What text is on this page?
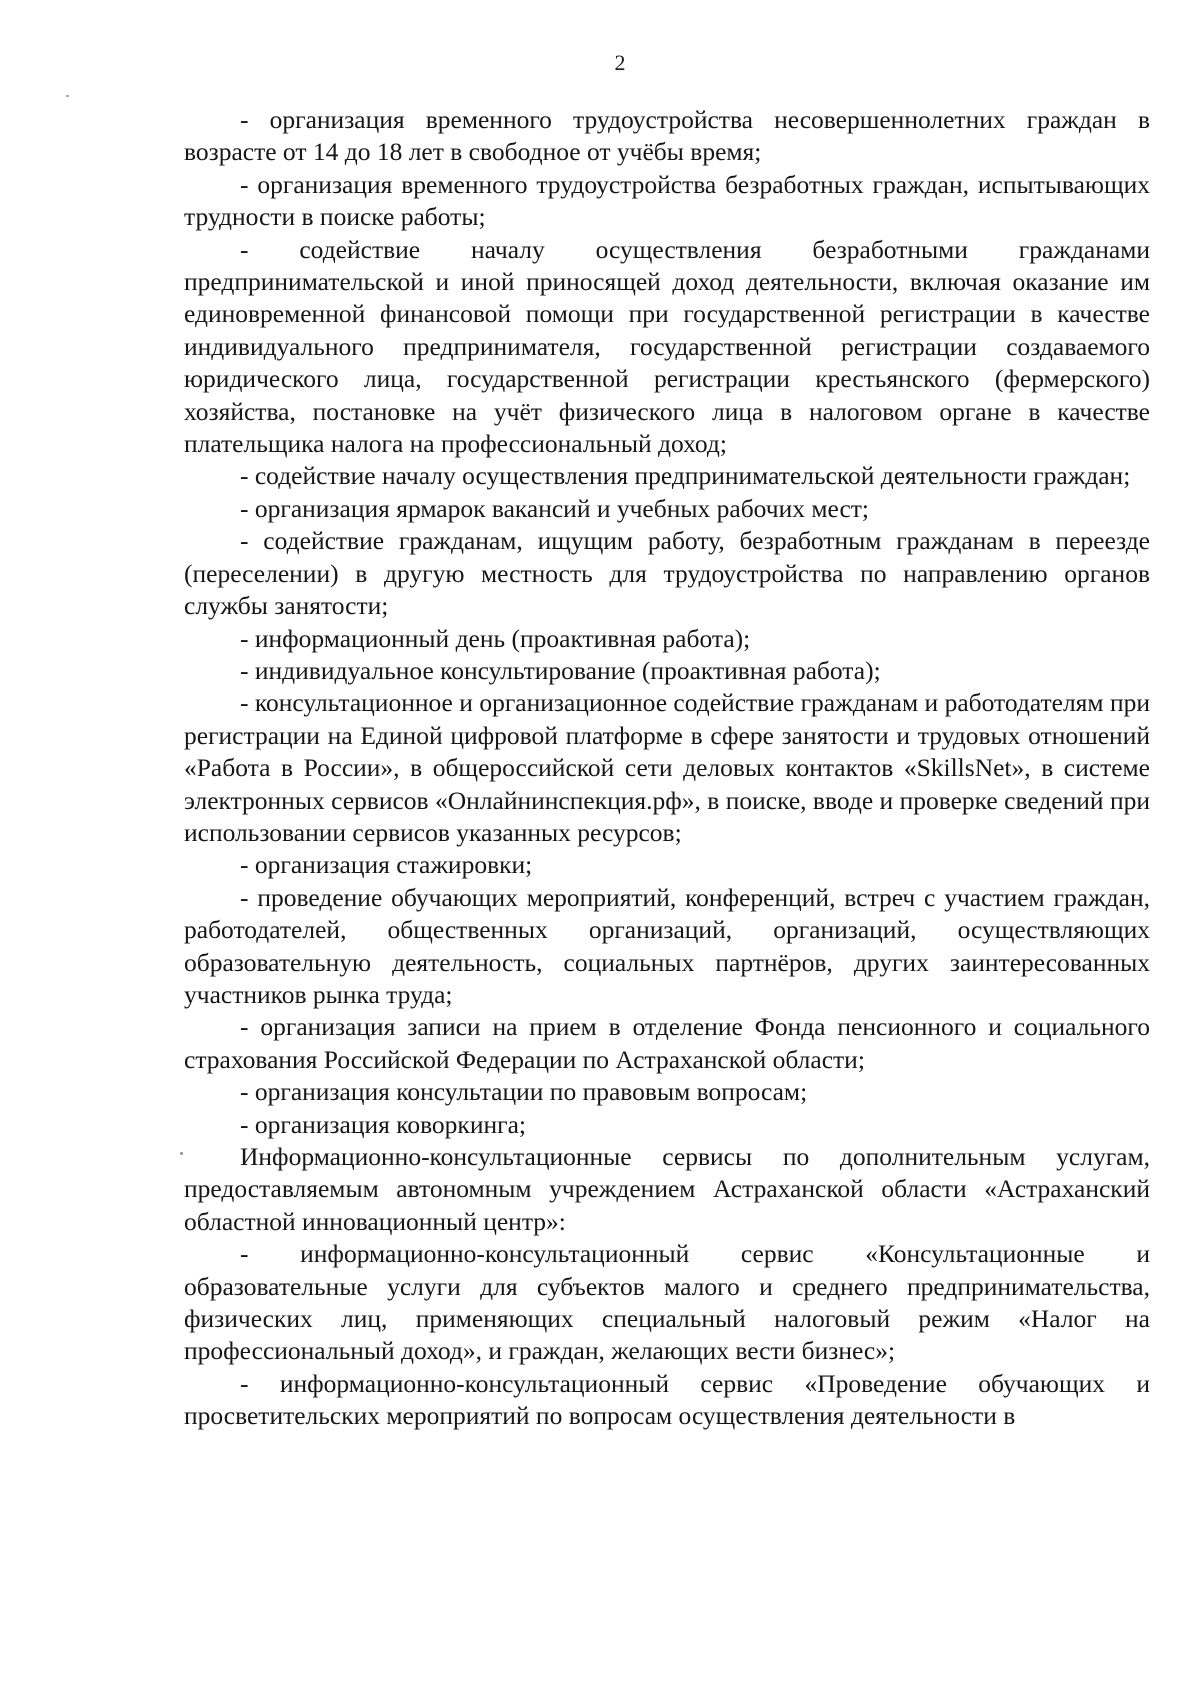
2

- организация временного трудоустройства несовершеннолетних граждан в возрасте от 14 до 18 лет в свободное от учёбы время;

- организация временного трудоустройства безработных граждан, испытывающих трудности в поиске работы;

- содействие началу осуществления безработными гражданами предпринимательской и иной приносящей доход деятельности, включая оказание им единовременной финансовой помощи при государственной регистрации в качестве индивидуального предпринимателя, государственной регистрации создаваемого юридического лица, государственной регистрации крестьянского (фермерского) хозяйства, постановке на учёт физического лица в налоговом органе в качестве плательщика налога на профессиональный доход;

- содействие началу осуществления предпринимательской деятельности граждан;

- организация ярмарок вакансий и учебных рабочих мест;

- содействие гражданам, ищущим работу, безработным гражданам в переезде (переселении) в другую местность для трудоустройства по направлению органов службы занятости;

- информационный день (проактивная работа);

- индивидуальное консультирование (проактивная работа);

- консультационное и организационное содействие гражданам и работодателям при регистрации на Единой цифровой платформе в сфере занятости и трудовых отношений «Работа в России», в общероссийской сети деловых контактов «SkillsNet», в системе электронных сервисов «Онлайнинспекция.рф», в поиске, вводе и проверке сведений при использовании сервисов указанных ресурсов;

- организация стажировки;

- проведение обучающих мероприятий, конференций, встреч с участием граждан, работодателей, общественных организаций, организаций, осуществляющих образовательную деятельность, социальных партнёров, других заинтересованных участников рынка труда;

- организация записи на прием в отделение Фонда пенсионного и социального страхования Российской Федерации по Астраханской области;

- организация консультации по правовым вопросам;

- организация коворкинга;

Информационно-консультационные сервисы по дополнительным услугам, предоставляемым автономным учреждением Астраханской области «Астраханский областной инновационный центр»:

- информационно-консультационный сервис «Консультационные и образовательные услуги для субъектов малого и среднего предпринимательства, физических лиц, применяющих специальный налоговый режим «Налог на профессиональный доход», и граждан, желающих вести бизнес»;

- информационно-консультационный сервис «Проведение обучающих и просветительских мероприятий по вопросам осуществления деятельности в
